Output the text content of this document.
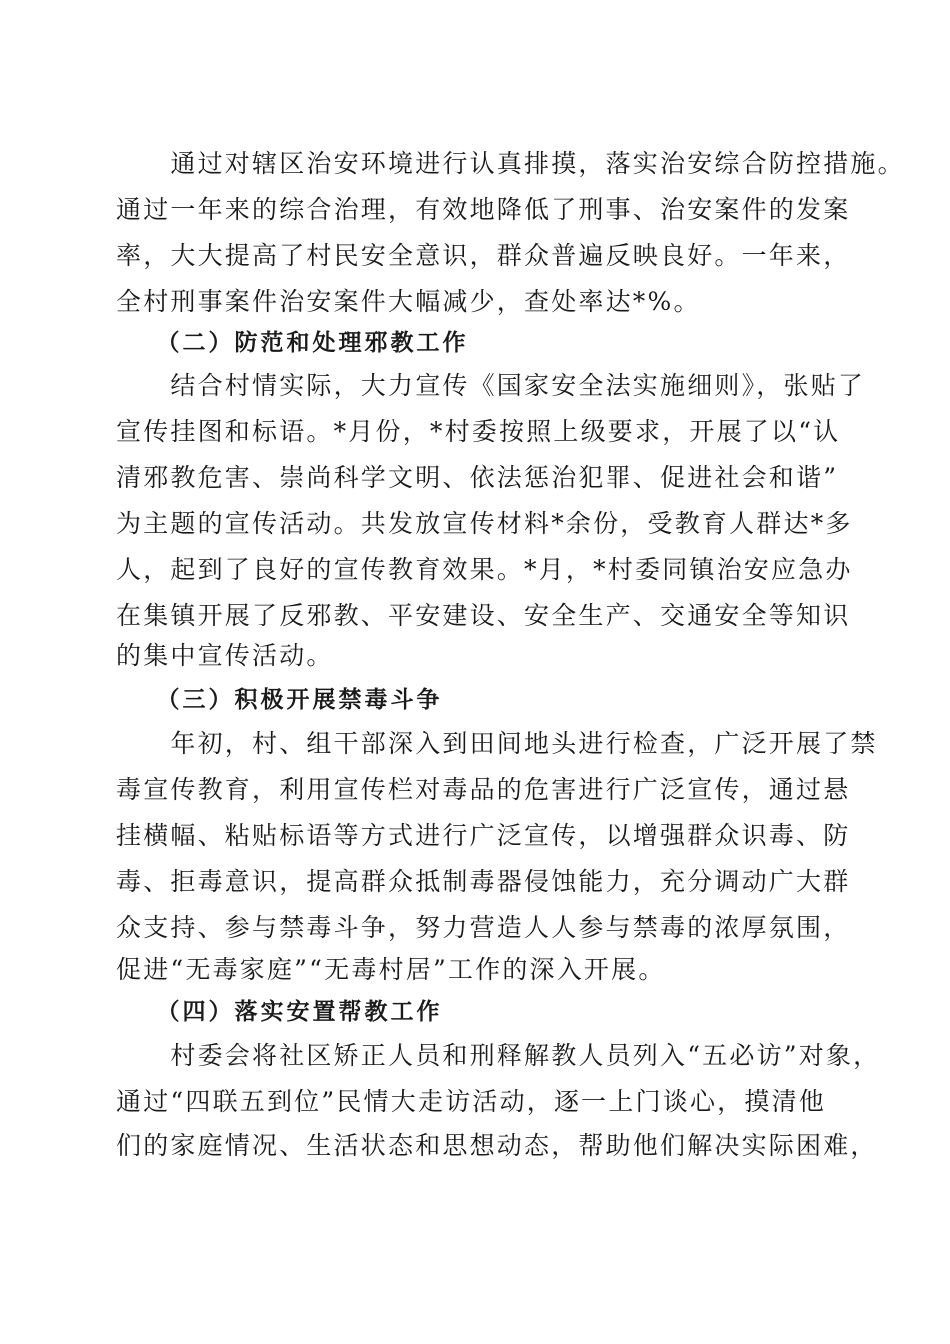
　　通过对辖区治安环境进行认真排摸，落实治安综合防控措施。
通过一年来的综合治理，有效地降低了刑事、治安案件的发案
率，大大提高了村民安全意识，群众普遍反映良好。一年来，
全村刑事案件治安案件大幅减少，查处率达*%。
　　（二）防范和处理邪教工作
　　结合村情实际，大力宣传《国家安全法实施细则》，张贴了
宣传挂图和标语。*月份，*村委按照上级要求，开展了以“认
清邪教危害、崇尚科学文明、依法惩治犯罪、促进社会和谐”
为主题的宣传活动。共发放宣传材料*余份，受教育人群达*多
人，起到了良好的宣传教育效果。*月，*村委同镇治安应急办
在集镇开展了反邪教、平安建设、安全生产、交通安全等知识
的集中宣传活动。
　　（三）积极开展禁毒斗争
　　年初，村、组干部深入到田间地头进行检查，广泛开展了禁
毒宣传教育，利用宣传栏对毒品的危害进行广泛宣传，通过悬
挂横幅、粘贴标语等方式进行广泛宣传，以增强群众识毒、防
毒、拒毒意识，提高群众抵制毒器侵蚀能力，充分调动广大群
众支持、参与禁毒斗争，努力营造人人参与禁毒的浓厚氛围，
促进“无毒家庭”“无毒村居”工作的深入开展。
　　（四）落实安置帮教工作
　　村委会将社区矫正人员和刑释解教人员列入“五必访”对象，
通过“四联五到位”民情大走访活动，逐一上门谈心，摸清他
们的家庭情况、生活状态和思想动态，帮助他们解决实际困难，
